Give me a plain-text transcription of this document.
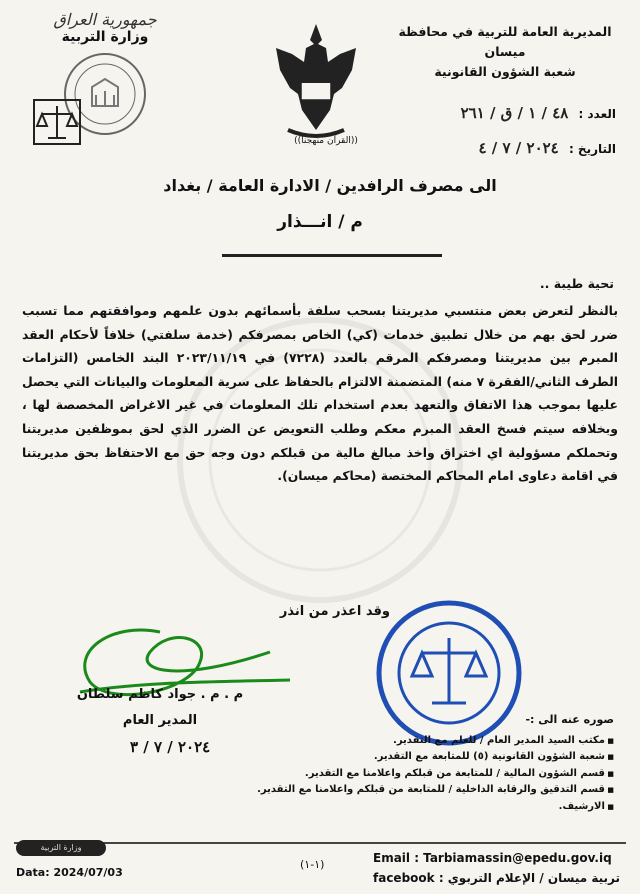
المديرية العامة للتربية في محافظة ميسان
شعبة الشؤون القانونية
((القرآن منهجنا))
جمهورية العراق
وزارة التربية
العدد : ٤٨ / ١ / ق / ٢٦١
التاريخ : ٢٠٢٤ / ٧ / ٤
الى مصرف الرافدين / الادارة العامة / بغداد
م / انـــذار
تحية طيبة ..
بالنظر لتعرض بعض منتسبي مديريتنا بسحب سلفة بأسمائهم بدون علمهم وموافقتهم مما تسبب ضرر لحق بهم من خلال تطبيق خدمات (كي) الخاص بمصرفكم (خدمة سلفتي) خلافاً لأحكام العقد المبرم بين مديريتنا ومصرفكم المرقم بالعدد (٧٢٢٨) في ٢٠٢٣/١١/١٩ البند الخامس (التزامات الطرف الثاني/الفقرة ٧ منه) المتضمنة الالتزام بالحفاظ على سرية المعلومات والبيانات التي يحصل عليها بموجب هذا الاتفاق والتعهد بعدم استخدام تلك المعلومات في غير الاغراض المخصصة لها ، وبخلافه سيتم فسخ العقد المبرم معكم وطلب التعويض عن الضرر الذي لحق بموظفين مديريتنا وتحملكم مسؤولية اي اختراق واخذ مبالغ مالية من قبلكم دون وجه حق مع الاحتفاظ بحق مديريتنا في اقامة دعاوى امام المحاكم المختصة (محاكم ميسان).
وقد اعذر من انذر
م . م . جواد كاظم سلطان
المدير العام
٢٠٢٤ / ٧ / ٣
صوره عنه الى :-
■ مكتب السيد المدير العام / للعلم مع التقدير.
■ شعبة الشؤون القانونية (٥) للمتابعة مع التقدير.
■ قسم الشؤون المالية / للمتابعة من قبلكم واعلامنا مع التقدير.
■ قسم التدقيق والرقابة الداخلية / للمتابعة من قبلكم واعلامنا مع التقدير.
■ الارشيف.
وزارة التربية
Email : Tarbiamassin@epedu.gov.iq
تربية ميسان / الإعلام التربوي : facebook
(١-١)
Data: 2024/07/03
